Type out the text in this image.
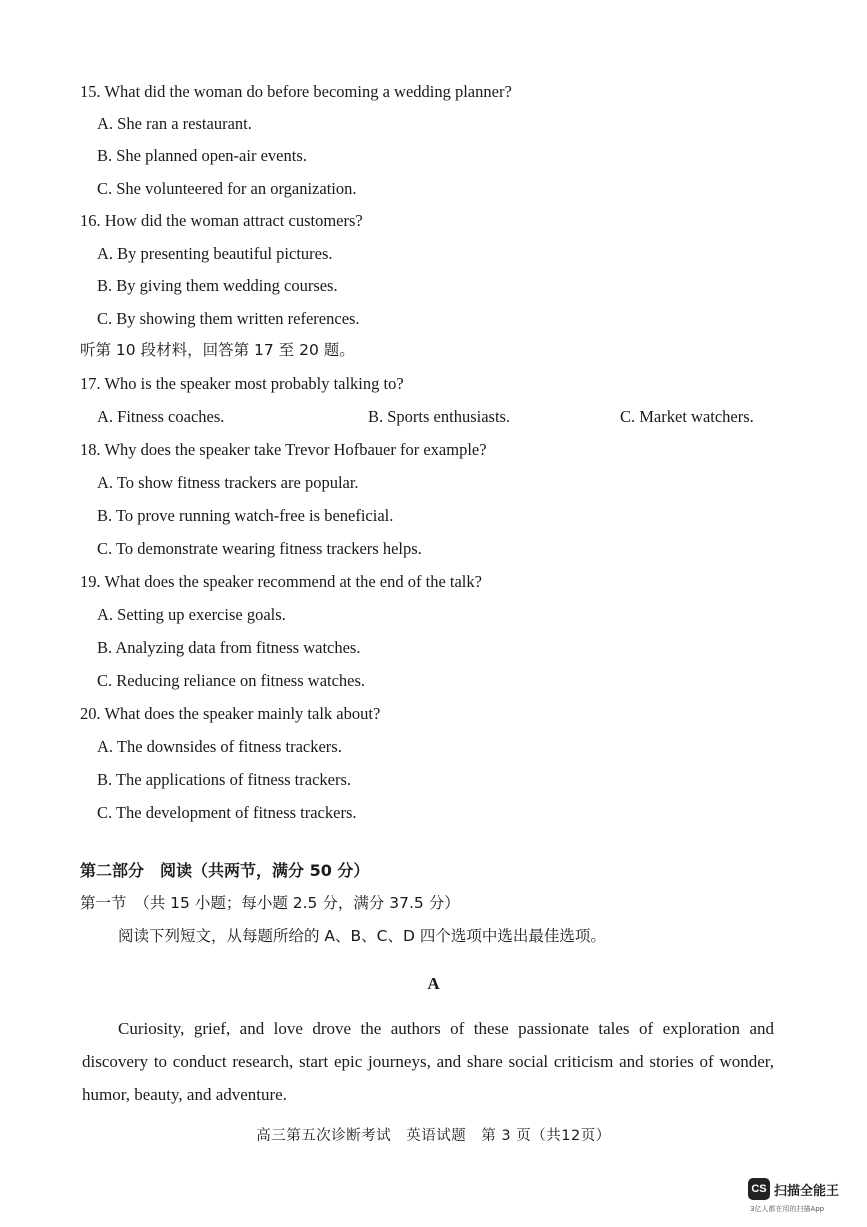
15. What did the woman do before becoming a wedding planner?
A. She ran a restaurant.
B. She planned open-air events.
C. She volunteered for an organization.
16. How did the woman attract customers?
A. By presenting beautiful pictures.
B. By giving them wedding courses.
C. By showing them written references.
听第 10 段材料，回答第 17 至 20 题。
17. Who is the speaker most probably talking to?
A. Fitness coaches.	B. Sports enthusiasts.	C. Market watchers.
18. Why does the speaker take Trevor Hofbauer for example?
A. To show fitness trackers are popular.
B. To prove running watch-free is beneficial.
C. To demonstrate wearing fitness trackers helps.
19. What does the speaker recommend at the end of the talk?
A. Setting up exercise goals.
B. Analyzing data from fitness watches.
C. Reducing reliance on fitness watches.
20. What does the speaker mainly talk about?
A. The downsides of fitness trackers.
B. The applications of fitness trackers.
C. The development of fitness trackers.
第二部分　阅读（共两节，满分 50 分）
第一节　（共 15 小题；每小题 2.5 分，满分 37.5 分）
阅读下列短文，从每题所给的 A、B、C、D 四个选项中选出最佳选项。
A
Curiosity, grief, and love drove the authors of these passionate tales of exploration and discovery to conduct research, start epic journeys, and share social criticism and stories of wonder, humor, beauty, and adventure.
高三第五次诊断考试　英语试题　第 3 页（共12页）
CS 扫描全能王
3亿人都在用的扫描App
